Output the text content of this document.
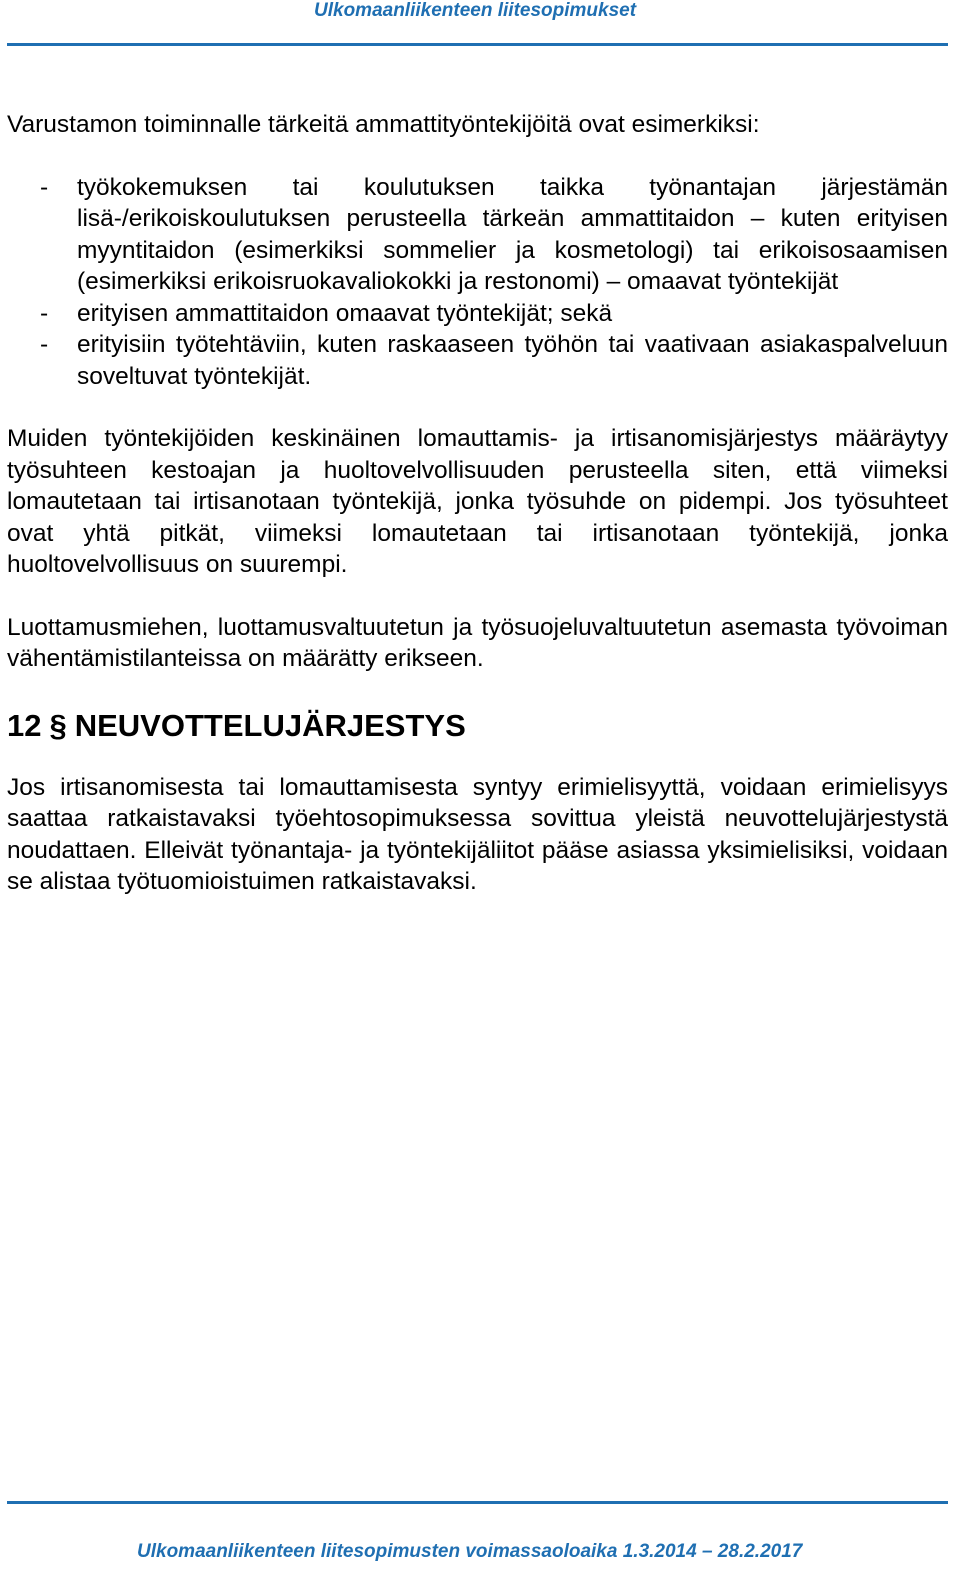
Ulkomaanliikenteen liitesopimukset

Varustamon toiminnalle tärkeitä ammattityöntekijöitä ovat esimerkiksi:

- työkokemuksen tai koulutuksen taikka työnantajan järjestämän lisä-/erikoiskoulutuksen perusteella tärkeän ammattitaidon – kuten erityisen myyntitaidon (esimerkiksi sommelier ja kosmetologi) tai erikoisosaamisen (esimerkiksi erikoisruokavaliokokki ja restonomi) – omaavat työntekijät
- erityisen ammattitaidon omaavat työntekijät; sekä
- erityisiin työtehtäviin, kuten raskaaseen työhön tai vaativaan asiakaspalveluun soveltuvat työntekijät.

Muiden työntekijöiden keskinäinen lomauttamis- ja irtisanomisjärjestys määräytyy työsuhteen kestoajan ja huoltovelvollisuuden perusteella siten, että viimeksi lomautetaan tai irtisanotaan työntekijä, jonka työsuhde on pidempi. Jos työsuhteet ovat yhtä pitkät, viimeksi lomautetaan tai irtisanotaan työntekijä, jonka huoltovelvollisuus on suurempi.

Luottamusmiehen, luottamusvaltuutetun ja työsuojeluvaltuutetun asemasta työvoiman vähentämistilanteissa on määrätty erikseen.

12 § NEUVOTTELUJÄRJESTYS

Jos irtisanomisesta tai lomauttamisesta syntyy erimielisyyttä, voidaan erimielisyys saattaa ratkaistavaksi työehtosopimuksessa sovittua yleistä neuvottelujärjestystä noudattaen. Elleivät työnantaja- ja työntekijäliitot pääse asiassa yksimielisiksi, voidaan se alistaa työtuomioistuimen ratkaistavaksi.

Ulkomaanliikenteen liitesopimusten voimassaoloaika 1.3.2014 – 28.2.2017
